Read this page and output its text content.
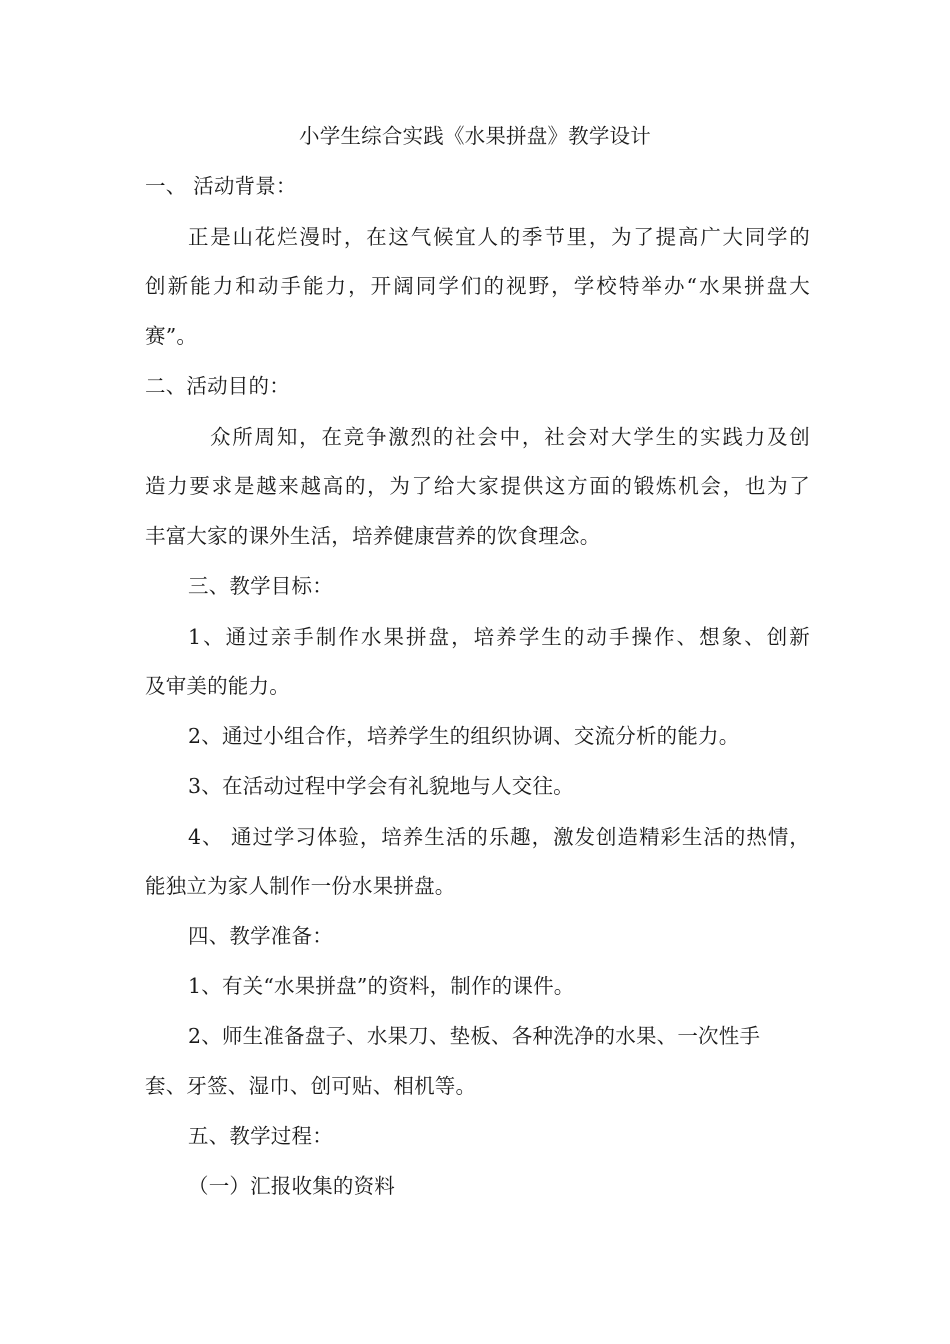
小学生综合实践《水果拼盘》教学设计
一、 活动背景：
正是山花烂漫时，在这气候宜人的季节里，为了提高广大同学的
创新能力和动手能力，开阔同学们的视野，学校特举办“水果拼盘大
赛”。
二、活动目的：
众所周知，在竞争激烈的社会中，社会对大学生的实践力及创
造力要求是越来越高的，为了给大家提供这方面的锻炼机会，也为了
丰富大家的课外生活，培养健康营养的饮食理念。
三、教学目标：
1、通过亲手制作水果拼盘，培养学生的动手操作、想象、创新
及审美的能力。
2、通过小组合作，培养学生的组织协调、交流分析的能力。
3、在活动过程中学会有礼貌地与人交往。
4、 通过学习体验，培养生活的乐趣，激发创造精彩生活的热情，
能独立为家人制作一份水果拼盘。
四、教学准备：
1、有关“水果拼盘”的资料，制作的课件。
2、师生准备盘子、水果刀、垫板、各种洗净的水果、一次性手
套、牙签、湿巾、创可贴、相机等。
五、教学过程：
（一）汇报收集的资料
